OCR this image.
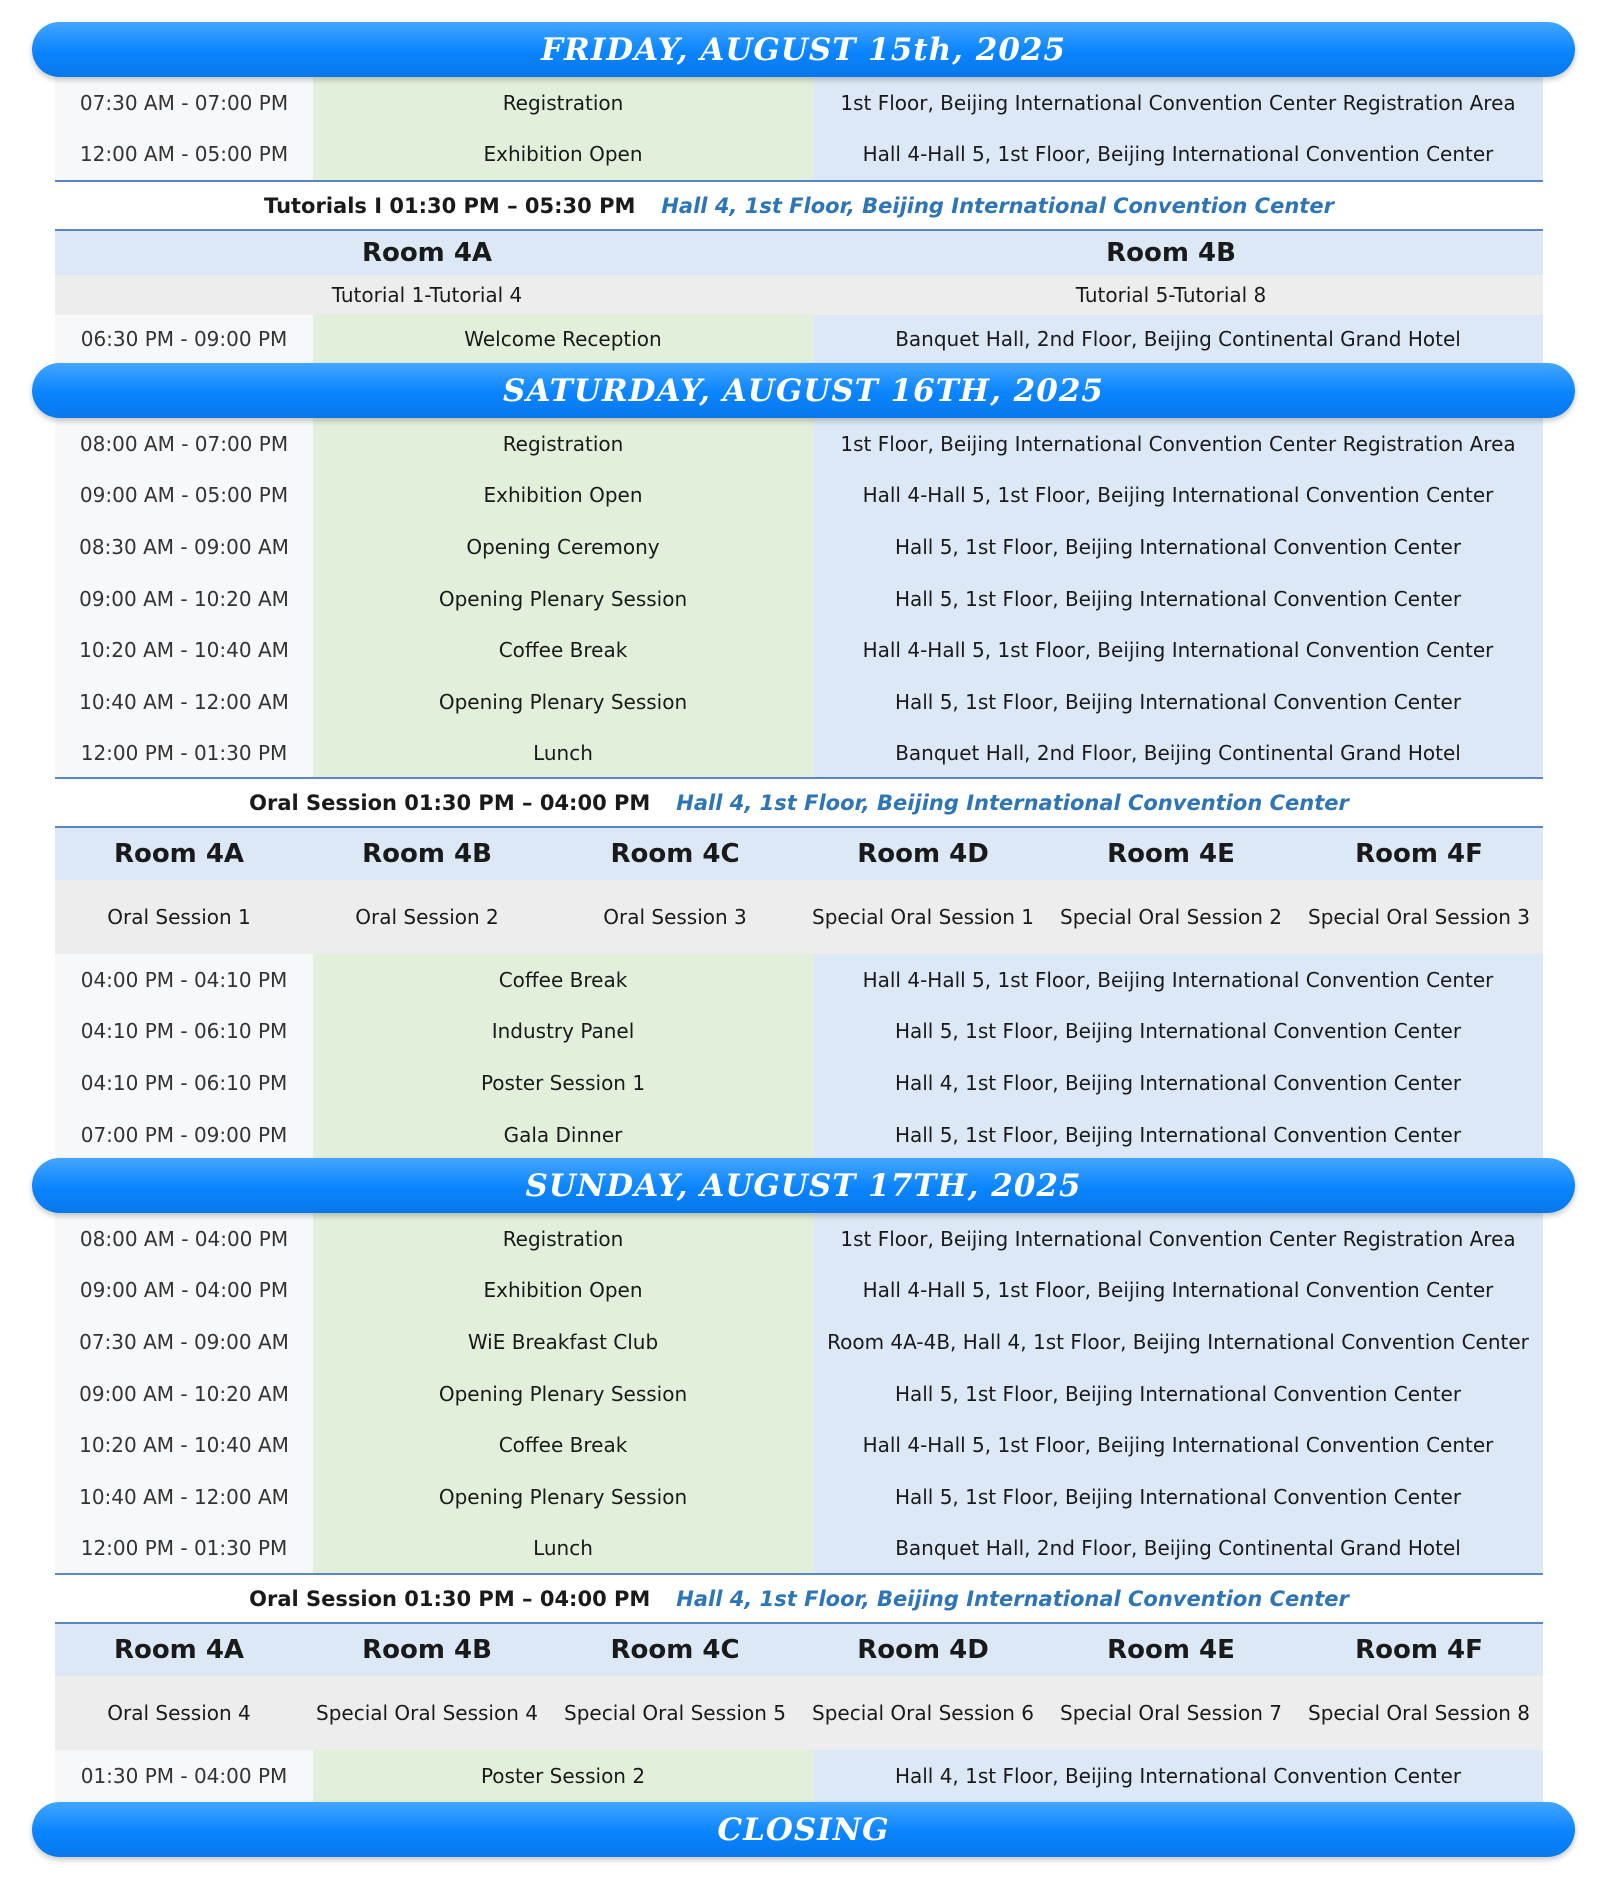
FRIDAY, AUGUST 15th, 2025
07:30 AM - 07:00 PM	Registration	1st Floor, Beijing International Convention Center Registration Area
12:00 AM - 05:00 PM	Exhibition Open	Hall 4-Hall 5, 1st Floor, Beijing International Convention Center
Tutorials I 01:30 PM – 05:30 PM Hall 4, 1st Floor, Beijing International Convention Center
Room 4A	Room 4B
Tutorial 1-Tutorial 4	Tutorial 5-Tutorial 8
06:30 PM - 09:00 PM	Welcome Reception	Banquet Hall, 2nd Floor, Beijing Continental Grand Hotel
SATURDAY, AUGUST 16TH, 2025
08:00 AM - 07:00 PM	Registration	1st Floor, Beijing International Convention Center Registration Area
09:00 AM - 05:00 PM	Exhibition Open	Hall 4-Hall 5, 1st Floor, Beijing International Convention Center
08:30 AM - 09:00 AM	Opening Ceremony	Hall 5, 1st Floor, Beijing International Convention Center
09:00 AM - 10:20 AM	Opening Plenary Session	Hall 5, 1st Floor, Beijing International Convention Center
10:20 AM - 10:40 AM	Coffee Break	Hall 4-Hall 5, 1st Floor, Beijing International Convention Center
10:40 AM - 12:00 AM	Opening Plenary Session	Hall 5, 1st Floor, Beijing International Convention Center
12:00 PM - 01:30 PM	Lunch	Banquet Hall, 2nd Floor, Beijing Continental Grand Hotel
Oral Session 01:30 PM – 04:00 PM Hall 4, 1st Floor, Beijing International Convention Center
Room 4A	Room 4B	Room 4C	Room 4D	Room 4E	Room 4F
Oral Session 1	Oral Session 2	Oral Session 3	Special Oral Session 1	Special Oral Session 2	Special Oral Session 3
04:00 PM - 04:10 PM	Coffee Break	Hall 4-Hall 5, 1st Floor, Beijing International Convention Center
04:10 PM - 06:10 PM	Industry Panel	Hall 5, 1st Floor, Beijing International Convention Center
04:10 PM - 06:10 PM	Poster Session 1	Hall 4, 1st Floor, Beijing International Convention Center
07:00 PM - 09:00 PM	Gala Dinner	Hall 5, 1st Floor, Beijing International Convention Center
SUNDAY, AUGUST 17TH, 2025
08:00 AM - 04:00 PM	Registration	1st Floor, Beijing International Convention Center Registration Area
09:00 AM - 04:00 PM	Exhibition Open	Hall 4-Hall 5, 1st Floor, Beijing International Convention Center
07:30 AM - 09:00 AM	WiE Breakfast Club	Room 4A-4B, Hall 4, 1st Floor, Beijing International Convention Center
09:00 AM - 10:20 AM	Opening Plenary Session	Hall 5, 1st Floor, Beijing International Convention Center
10:20 AM - 10:40 AM	Coffee Break	Hall 4-Hall 5, 1st Floor, Beijing International Convention Center
10:40 AM - 12:00 AM	Opening Plenary Session	Hall 5, 1st Floor, Beijing International Convention Center
12:00 PM - 01:30 PM	Lunch	Banquet Hall, 2nd Floor, Beijing Continental Grand Hotel
Oral Session 01:30 PM – 04:00 PM Hall 4, 1st Floor, Beijing International Convention Center
Room 4A	Room 4B	Room 4C	Room 4D	Room 4E	Room 4F
Oral Session 4	Special Oral Session 4	Special Oral Session 5	Special Oral Session 6	Special Oral Session 7	Special Oral Session 8
01:30 PM - 04:00 PM	Poster Session 2	Hall 4, 1st Floor, Beijing International Convention Center
CLOSING
